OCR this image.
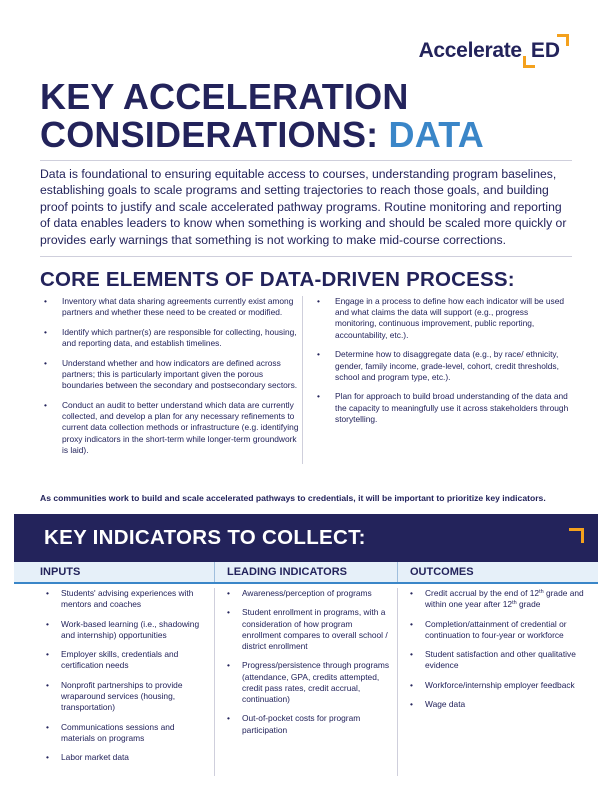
Accelerate ED
KEY ACCELERATION
CONSIDERATIONS: DATA

Data is foundational to ensuring equitable access to courses, understanding program baselines, establishing goals to scale programs and setting trajectories to reach those goals, and building proof points to justify and scale accelerated pathway programs. Routine monitoring and reporting of data enables leaders to know when something is working and should be scaled more quickly or provides early warnings that something is not working to make mid-course corrections.

CORE ELEMENTS OF DATA-DRIVEN PROCESS:
• Inventory what data sharing agreements currently exist among partners and whether these need to be created or modified.
• Identify which partner(s) are responsible for collecting, housing, and reporting data, and establish timelines.
• Understand whether and how indicators are defined across partners; this is particularly important given the porous boundaries between the secondary and postsecondary sectors.
• Conduct an audit to better understand which data are currently collected, and develop a plan for any necessary refinements to current data collection methods or infrastructure (e.g. identifying proxy indicators in the short-term while longer-term groundwork is laid).
• Engage in a process to define how each indicator will be used and what claims the data will support (e.g., progress monitoring, continuous improvement, public reporting, accountability, etc.).
• Determine how to disaggregate data (e.g., by race/ ethnicity, gender, family income, grade-level, cohort, credit thresholds, school and program type, etc.).
• Plan for approach to build broad understanding of the data and the capacity to meaningfully use it across stakeholders through storytelling.

As communities work to build and scale accelerated pathways to credentials, it will be important to prioritize key indicators.

KEY INDICATORS TO COLLECT:
INPUTS	LEADING INDICATORS	OUTCOMES
• Students' advising experiences with mentors and coaches
• Work-based learning (i.e., shadowing and internship) opportunities
• Employer skills, credentials and certification needs
• Nonprofit partnerships to provide wraparound services (housing, transportation)
• Communications sessions and materials on programs
• Labor market data
• Awareness/perception of programs
• Student enrollment in programs, with a consideration of how program enrollment compares to overall school / district enrollment
• Progress/persistence through programs (attendance, GPA, credits attempted, credit pass rates, credit accrual, continuation)
• Out-of-pocket costs for program participation
• Credit accrual by the end of 12th grade and within one year after 12th grade
• Completion/attainment of credential or continuation to four-year or workforce
• Student satisfaction and other qualitative evidence
• Workforce/internship employer feedback
• Wage data
